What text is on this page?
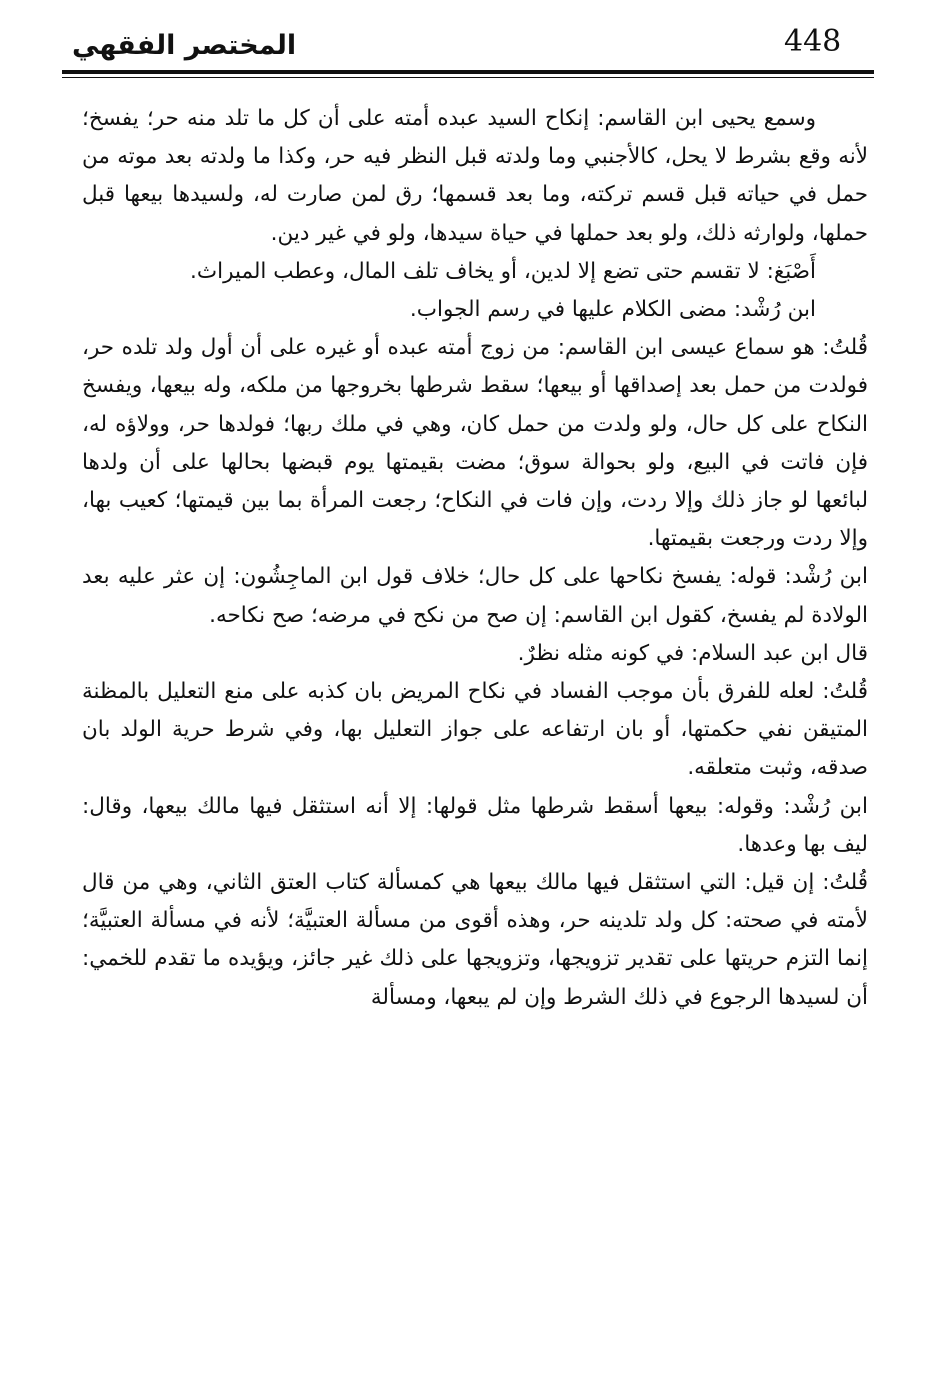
448
المختصر الفقهي

وسمع يحيى ابن القاسم: إنكاح السيد عبده أمته على أن كل ما تلد منه حر؛ يفسخ؛ لأنه وقع بشرط لا يحل، كالأجنبي وما ولدته قبل النظر فيه حر، وكذا ما ولدته بعد موته من حمل في حياته قبل قسم تركته، وما بعد قسمها؛ رق لمن صارت له، ولسيدها بيعها قبل حملها، ولوارثه ذلك، ولو بعد حملها في حياة سيدها، ولو في غير دين.

أَصْبَغ: لا تقسم حتى تضع إلا لدين، أو يخاف تلف المال، وعطب الميراث.

ابن رُشْد: مضى الكلام عليها في رسم الجواب.

قُلتُ: هو سماع عيسى ابن القاسم: من زوج أمته عبده أو غيره على أن أول ولد تلده حر، فولدت من حمل بعد إصداقها أو بيعها؛ سقط شرطها بخروجها من ملكه، وله بيعها، ويفسخ النكاح على كل حال، ولو ولدت من حمل كان، وهي في ملك ربها؛ فولدها حر، وولاؤه له، فإن فاتت في البيع، ولو بحوالة سوق؛ مضت بقيمتها يوم قبضها بحالها على أن ولدها لبائعها لو جاز ذلك وإلا ردت، وإن فات في النكاح؛ رجعت المرأة بما بين قيمتها؛ كعيب بها، وإلا ردت ورجعت بقيمتها.

ابن رُشْد: قوله: يفسخ نكاحها على كل حال؛ خلاف قول ابن الماجِشُون: إن عثر عليه بعد الولادة لم يفسخ، كقول ابن القاسم: إن صح من نكح في مرضه؛ صح نكاحه.

قال ابن عبد السلام: في كونه مثله نظرٌ.

قُلتُ: لعله للفرق بأن موجب الفساد في نكاح المريض بان كذبه على منع التعليل بالمظنة المتيقن نفي حكمتها، أو بان ارتفاعه على جواز التعليل بها، وفي شرط حرية الولد بان صدقه، وثبت متعلقه.

ابن رُشْد: وقوله: بيعها أسقط شرطها مثل قولها: إلا أنه استثقل فيها مالك بيعها، وقال: ليف بها وعدها.

قُلتُ: إن قيل: التي استثقل فيها مالك بيعها هي كمسألة كتاب العتق الثاني، وهي من قال لأمته في صحته: كل ولد تلدينه حر، وهذه أقوى من مسألة العتبيَّة؛ لأنه في مسألة العتبيَّة؛ إنما التزم حريتها على تقدير تزويجها، وتزويجها على ذلك غير جائز، ويؤيده ما تقدم للخمي: أن لسيدها الرجوع في ذلك الشرط وإن لم يبعها، ومسألة
